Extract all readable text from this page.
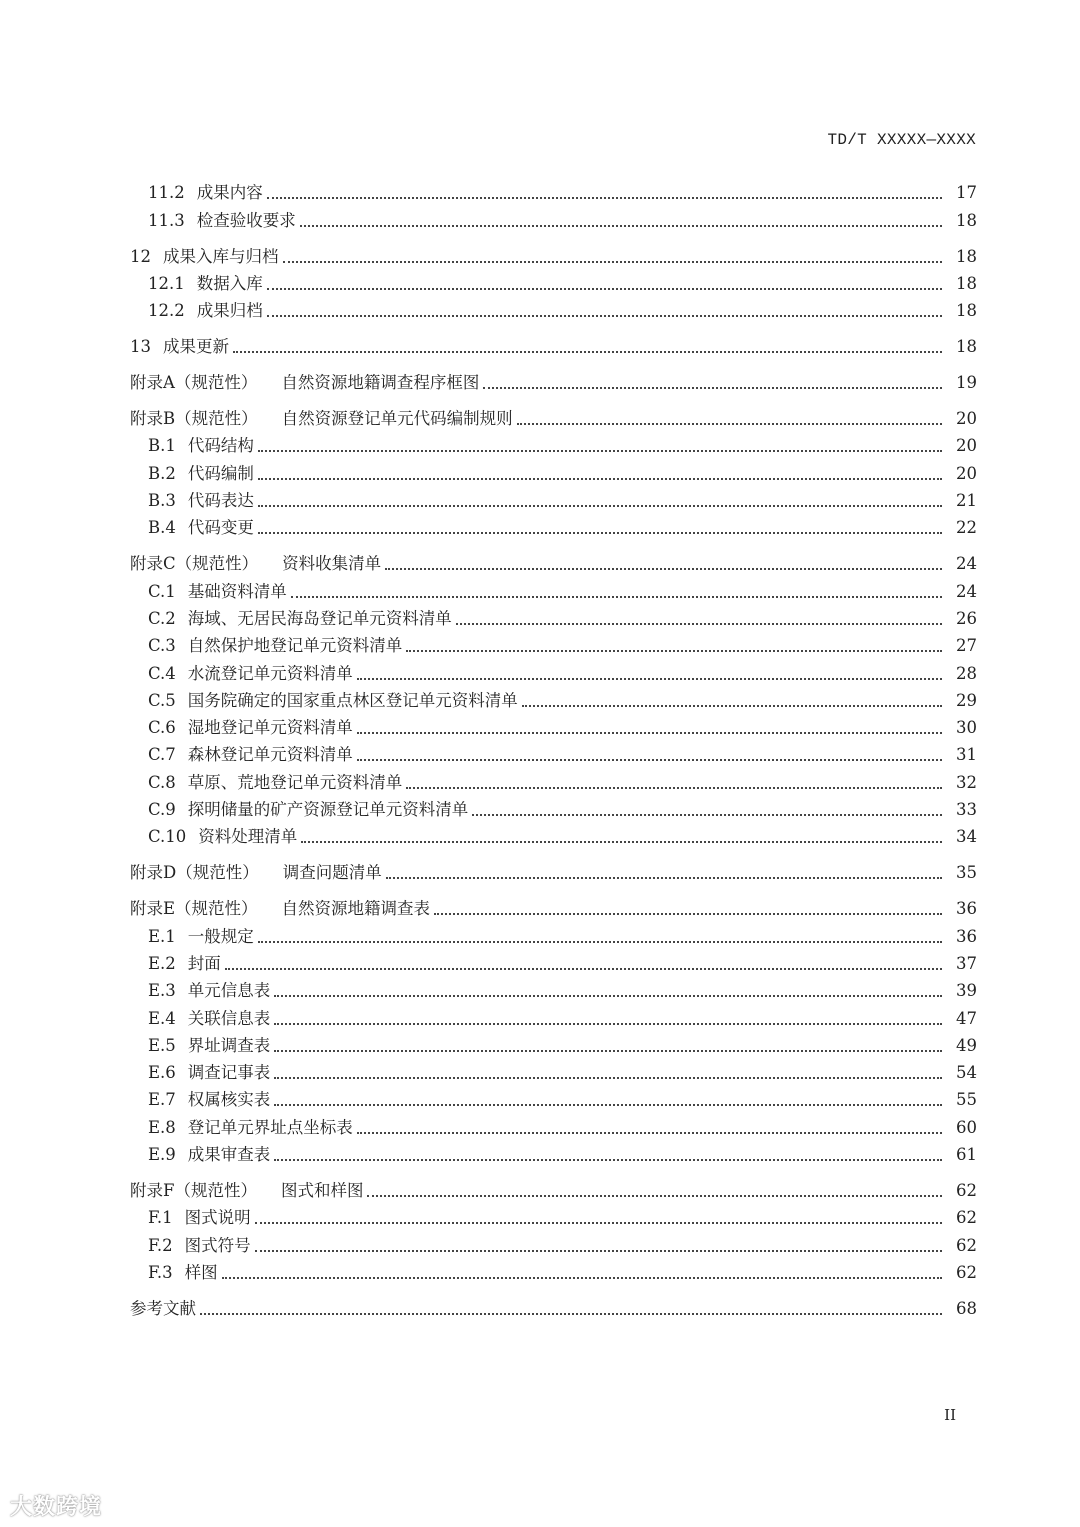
TD/T XXXXX—XXXX
11.2 成果内容	17
11.3 检查验收要求	18
12 成果入库与归档	18
12.1 数据入库	18
12.2 成果归档	18
13 成果更新	18
附录A（规范性） 自然资源地籍调查程序框图	19
附录B（规范性） 自然资源登记单元代码编制规则	20
B.1 代码结构	20
B.2 代码编制	20
B.3 代码表达	21
B.4 代码变更	22
附录C（规范性） 资料收集清单	24
C.1 基础资料清单	24
C.2 海域、无居民海岛登记单元资料清单	26
C.3 自然保护地登记单元资料清单	27
C.4 水流登记单元资料清单	28
C.5 国务院确定的国家重点林区登记单元资料清单	29
C.6 湿地登记单元资料清单	30
C.7 森林登记单元资料清单	31
C.8 草原、荒地登记单元资料清单	32
C.9 探明储量的矿产资源登记单元资料清单	33
C.10 资料处理清单	34
附录D（规范性） 调查问题清单	35
附录E（规范性） 自然资源地籍调查表	36
E.1 一般规定	36
E.2 封面	37
E.3 单元信息表	39
E.4 关联信息表	47
E.5 界址调查表	49
E.6 调查记事表	54
E.7 权属核实表	55
E.8 登记单元界址点坐标表	60
E.9 成果审查表	61
附录F（规范性） 图式和样图	62
F.1 图式说明	62
F.2 图式符号	62
F.3 样图	62
参考文献	68
II
大数跨境
